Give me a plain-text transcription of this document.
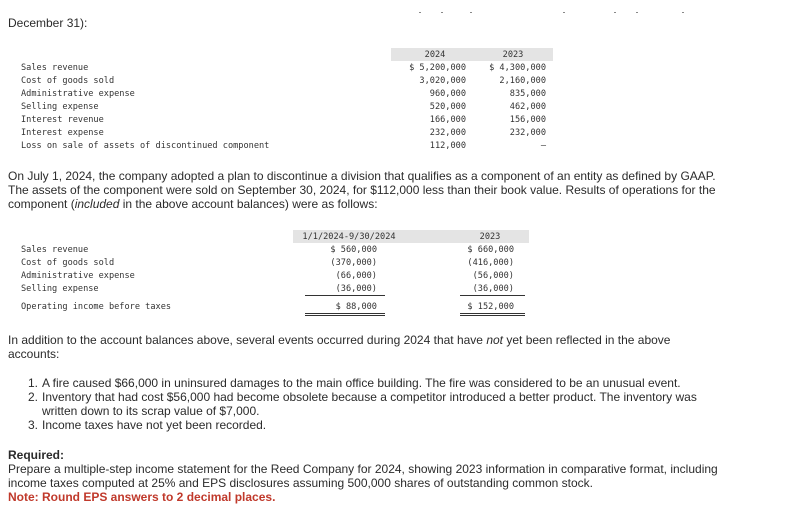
December 31):
2024	2023
Sales revenue	$ 5,200,000	$ 4,300,000
Cost of goods sold	3,020,000	2,160,000
Administrative expense	960,000	835,000
Selling expense	520,000	462,000
Interest revenue	166,000	156,000
Interest expense	232,000	232,000
Loss on sale of assets of discontinued component	112,000	–
On July 1, 2024, the company adopted a plan to discontinue a division that qualifies as a component of an entity as defined by GAAP.
The assets of the component were sold on September 30, 2024, for $112,000 less than their book value. Results of operations for the
component (included in the above account balances) were as follows:
1/1/2024-9/30/2024	2023
Sales revenue	$ 560,000	$ 660,000
Cost of goods sold	(370,000)	(416,000)
Administrative expense	(66,000)	(56,000)
Selling expense	(36,000)	(36,000)
Operating income before taxes	$ 88,000	$ 152,000
In addition to the account balances above, several events occurred during 2024 that have not yet been reflected in the above
accounts:
1. A fire caused $66,000 in uninsured damages to the main office building. The fire was considered to be an unusual event.
2. Inventory that had cost $56,000 had become obsolete because a competitor introduced a better product. The inventory was
written down to its scrap value of $7,000.
3. Income taxes have not yet been recorded.
Required:
Prepare a multiple-step income statement for the Reed Company for 2024, showing 2023 information in comparative format, including
income taxes computed at 25% and EPS disclosures assuming 500,000 shares of outstanding common stock.
Note: Round EPS answers to 2 decimal places.
